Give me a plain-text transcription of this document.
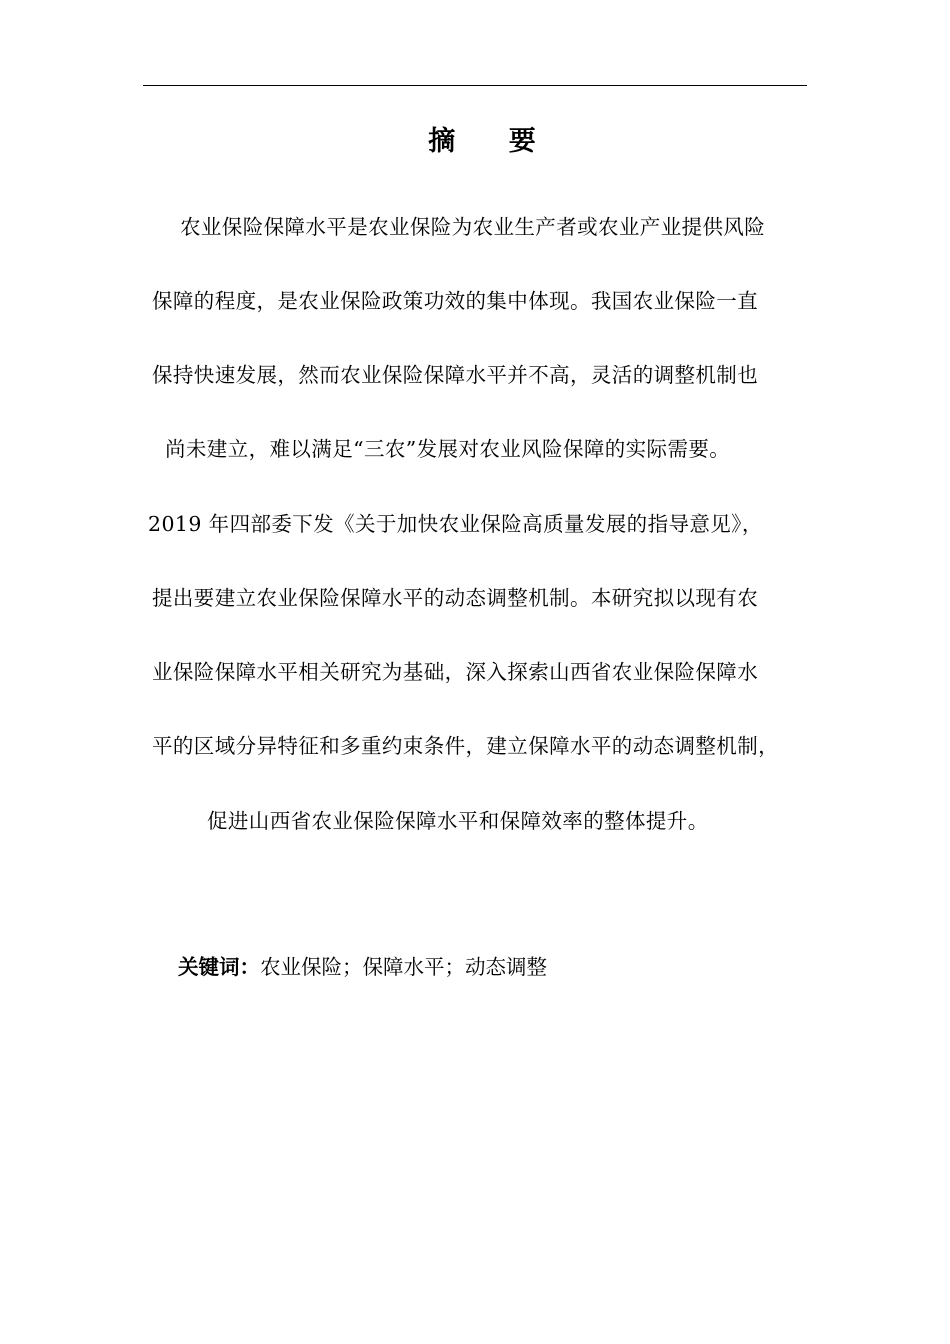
摘 要
农业保险保障水平是农业保险为农业生产者或农业产业提供风险
保障的程度，是农业保险政策功效的集中体现。我国农业保险一直
保持快速发展，然而农业保险保障水平并不高，灵活的调整机制也
尚未建立，难以满足“三农”发展对农业风险保障的实际需要。
2019 年四部委下发《关于加快农业保险高质量发展的指导意见》，
提出要建立农业保险保障水平的动态调整机制。本研究拟以现有农
业保险保障水平相关研究为基础，深入探索山西省农业保险保障水
平的区域分异特征和多重约束条件，建立保障水平的动态调整机制，
促进山西省农业保险保障水平和保障效率的整体提升。
关键词：农业保险；保障水平；动态调整
